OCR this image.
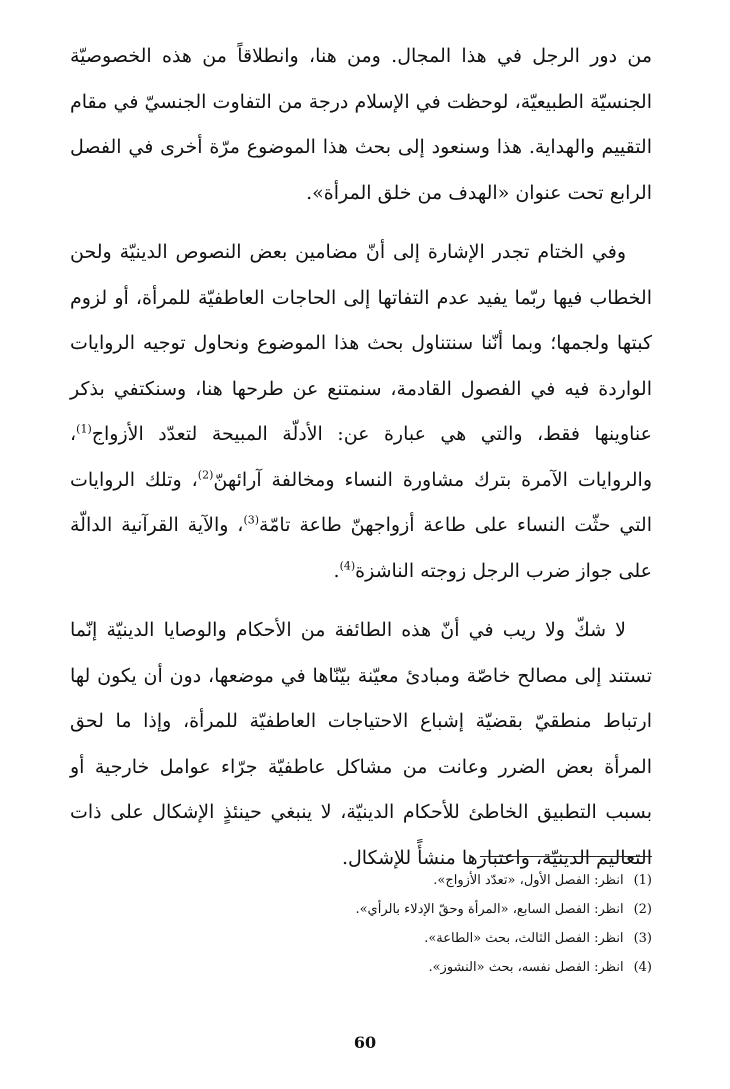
من دور الرجل في هذا المجال. ومن هنا، وانطلاقاً من هذه الخصوصيّة الجنسيّة الطبيعيّة، لوحظت في الإسلام درجة من التفاوت الجنسيّ في مقام التقييم والهداية. هذا وسنعود إلى بحث هذا الموضوع مرّة أخرى في الفصل الرابع تحت عنوان «الهدف من خلق المرأة».

وفي الختام تجدر الإشارة إلى أنّ مضامين بعض النصوص الدينيّة ولحن الخطاب فيها ربّما يفيد عدم التفاتها إلى الحاجات العاطفيّة للمرأة، أو لزوم كبتها ولجمها؛ وبما أنّنا سنتناول بحث هذا الموضوع ونحاول توجيه الروايات الواردة فيه في الفصول القادمة، سنمتنع عن طرحها هنا، وسنكتفي بذكر عناوينها فقط، والتي هي عبارة عن: الأدلّة المبيحة لتعدّد الأزواج$^{(1)}$، والروايات الآمرة بترك مشاورة النساء ومخالفة آرائهنّ$^{(2)}$، وتلك الروايات التي حثّت النساء على طاعة أزواجهنّ طاعة تامّة$^{(3)}$، والآية القرآنية الدالّة على جواز ضرب الرجل زوجته الناشزة$^{(4)}$.

لا شكّ ولا ريب في أنّ هذه الطائفة من الأحكام والوصايا الدينيّة إنّما تستند إلى مصالح خاصّة ومبادئ معيّنة بيّنّاها في موضعها، دون أن يكون لها ارتباط منطقيّ بقضيّة إشباع الاحتياجات العاطفيّة للمرأة، وإذا ما لحق المرأة بعض الضرر وعانت من مشاكل عاطفيّة جرّاء عوامل خارجية أو بسبب التطبيق الخاطئ للأحكام الدينيّة، لا ينبغي حينئذٍ الإشكال على ذات التعاليم الدينيّة، واعتبارها منشأً للإشكال.

(1)انظر: الفصل الأول، «تعدّد الأزواج».
(2)انظر: الفصل السابع، «المرأة وحقّ الإدلاء بالرأي».
(3)انظر: الفصل الثالث، بحث «الطاعة».
(4)انظر: الفصل نفسه، بحث «النشوز».
60
